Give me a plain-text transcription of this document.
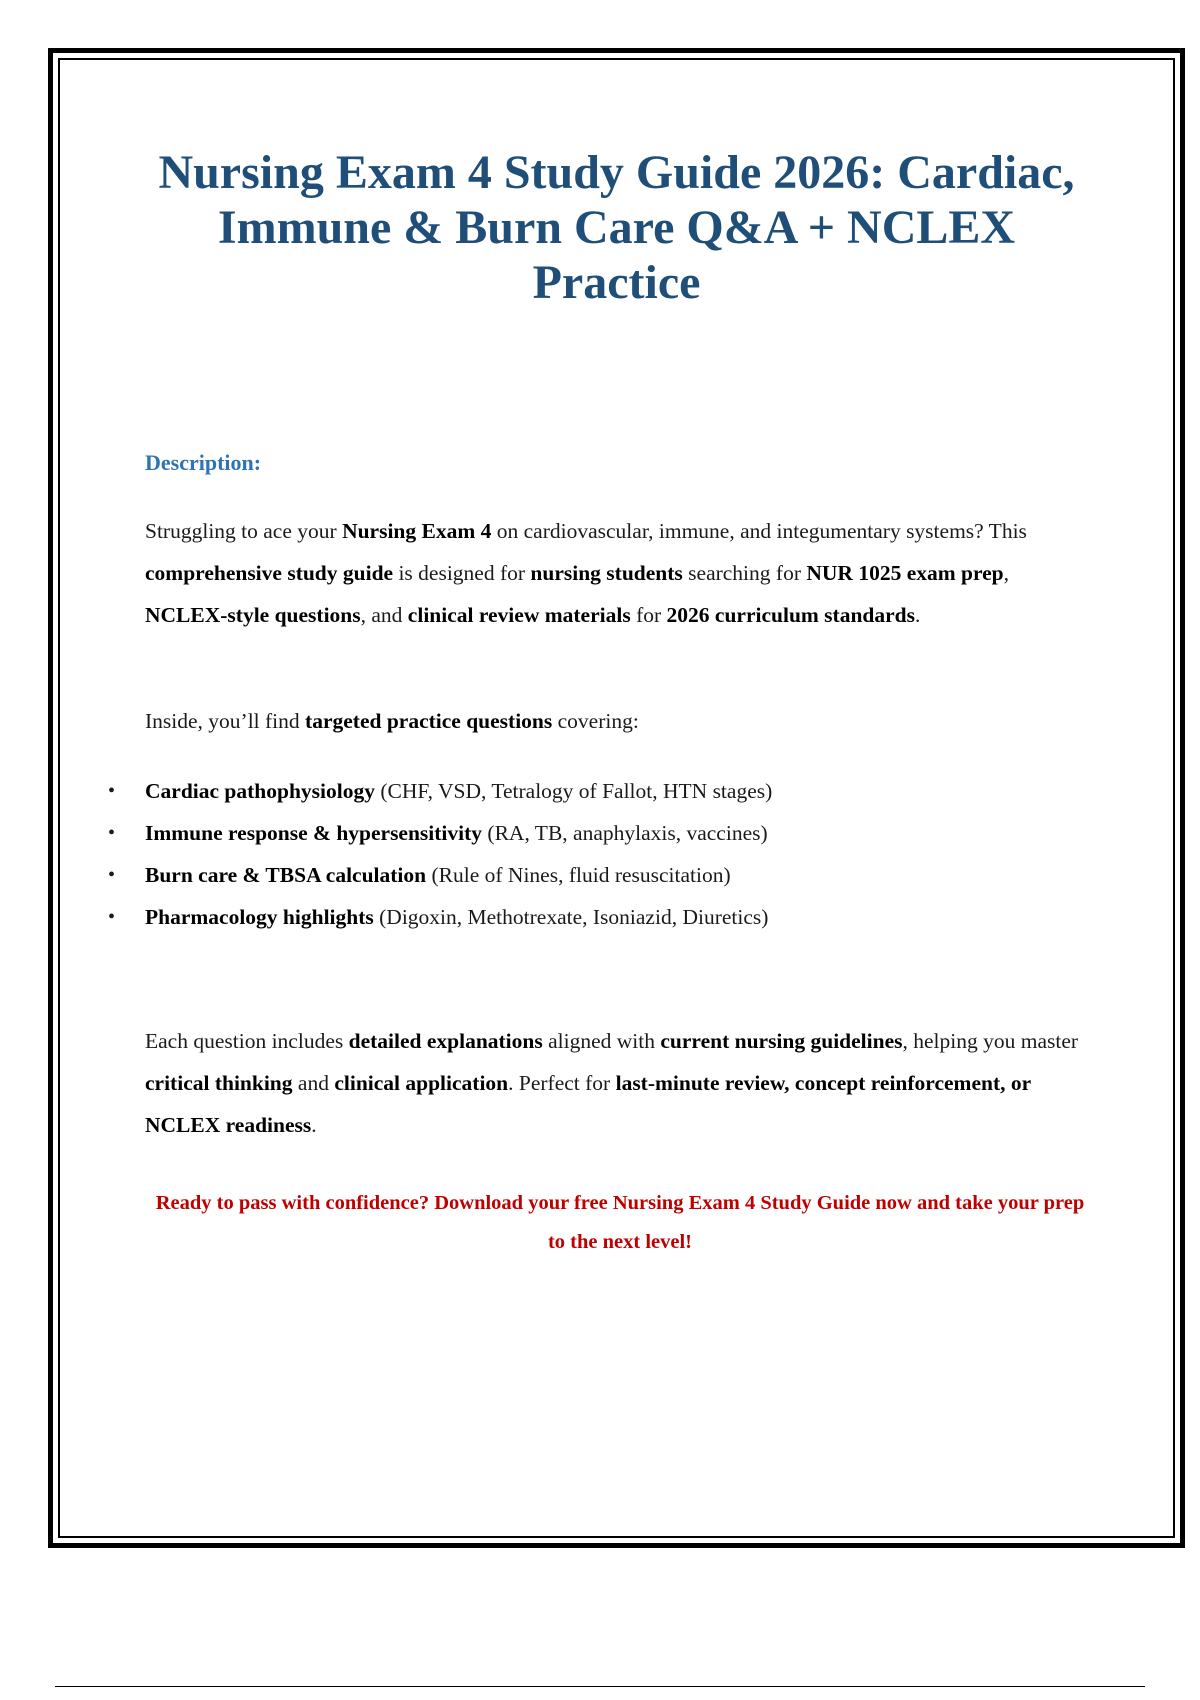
Nursing Exam 4 Study Guide 2026: Cardiac, Immune & Burn Care Q&A + NCLEX Practice

Description:

Struggling to ace your Nursing Exam 4 on cardiovascular, immune, and integumentary systems? This comprehensive study guide is designed for nursing students searching for NUR 1025 exam prep, NCLEX-style questions, and clinical review materials for 2026 curriculum standards.

Inside, you’ll find targeted practice questions covering:

• Cardiac pathophysiology (CHF, VSD, Tetralogy of Fallot, HTN stages)
• Immune response & hypersensitivity (RA, TB, anaphylaxis, vaccines)
• Burn care & TBSA calculation (Rule of Nines, fluid resuscitation)
• Pharmacology highlights (Digoxin, Methotrexate, Isoniazid, Diuretics)

Each question includes detailed explanations aligned with current nursing guidelines, helping you master critical thinking and clinical application. Perfect for last-minute review, concept reinforcement, or NCLEX readiness.

Ready to pass with confidence? Download your free Nursing Exam 4 Study Guide now and take your prep to the next level!
